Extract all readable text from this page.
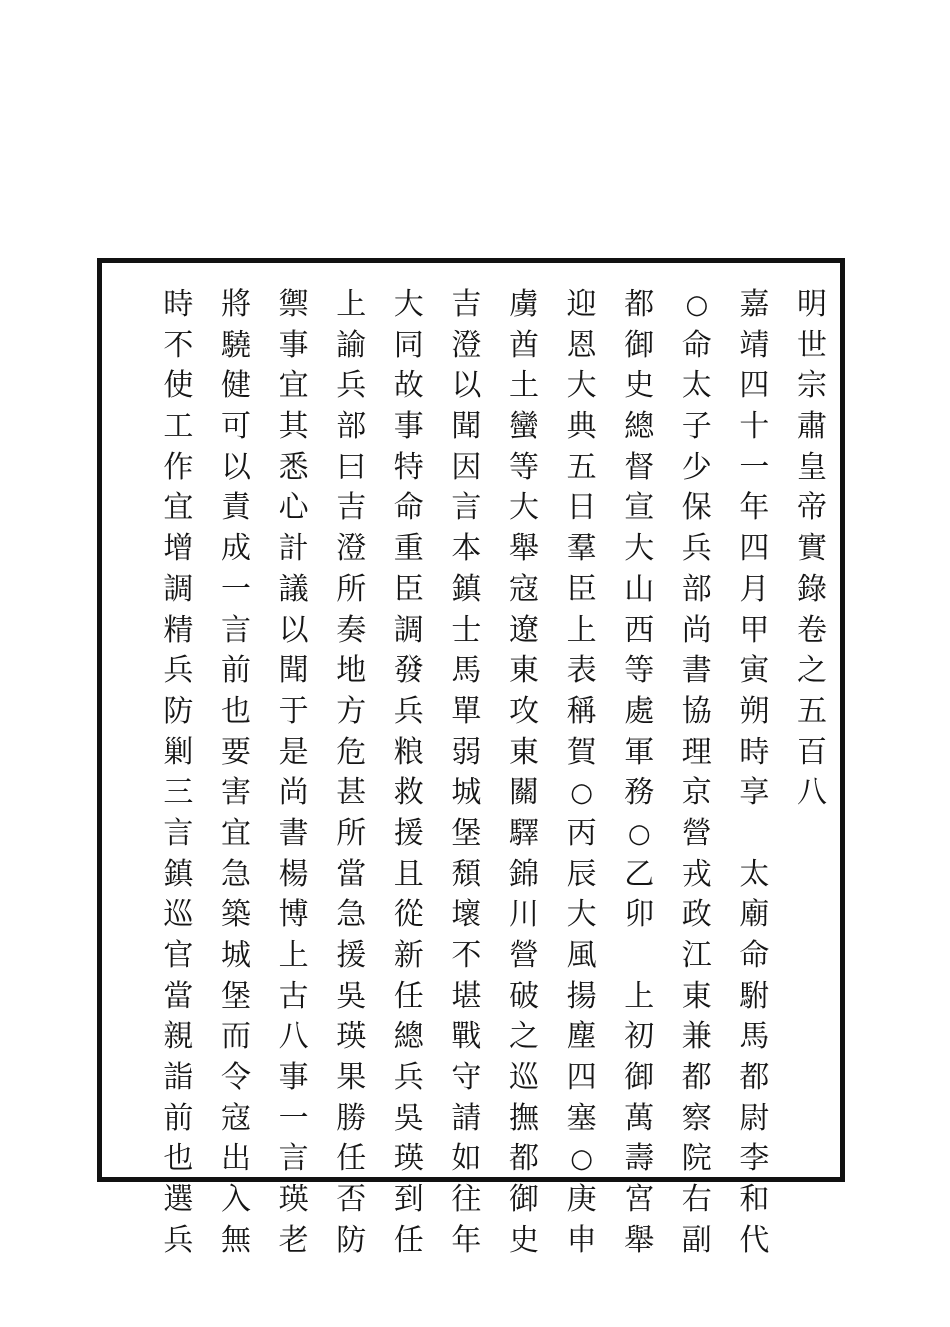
明
世
宗
肅
皇
帝
實
錄
卷
之
五
百
八
嘉
靖
四
十
一
年
四
月
甲
寅
朔
時
享

太
廟
命
駙
馬
都
尉
李
和
代
○
命
太
子
少
保
兵
部
尚
書
協
理
京
營
戎
政
江
東
兼
都
察
院
右
副
都
御
史
總
督
宣
大
山
西
等
處
軍
務
○
乙
卯

上
初
御
萬
壽
宮
舉
迎
恩
大
典
五
日
羣
臣
上
表
稱
賀
○
丙
辰
大
風
揚
塵
四
塞
○
庚
申
虜
酋
土
蠻
等
大
舉
寇
遼
東
攻
東
關
驛
錦
川
營
破
之
巡
撫
都
御
史
吉
澄
以
聞
因
言
本
鎮
士
馬
單
弱
城
堡
頹
壞
不
堪
戰
守
請
如
往
年
大
同
故
事
特
命
重
臣
調
發
兵
粮
救
援
且
從
新
任
總
兵
吳
瑛
到
任
上
諭
兵
部
曰
吉
澄
所
奏
地
方
危
甚
所
當
急
援
吳
瑛
果
勝
任
否
防
禦
事
宜
其
悉
心
計
議
以
聞
于
是
尚
書
楊
博
上
古
八
事
一
言
瑛
老
將
驍
健
可
以
責
成
一
言
前
也
要
害
宜
急
築
城
堡
而
令
寇
出
入
無
時
不
使
工
作
宜
增
調
精
兵
防
剿
三
言
鎮
巡
官
當
親
詣
前
也
選
兵
